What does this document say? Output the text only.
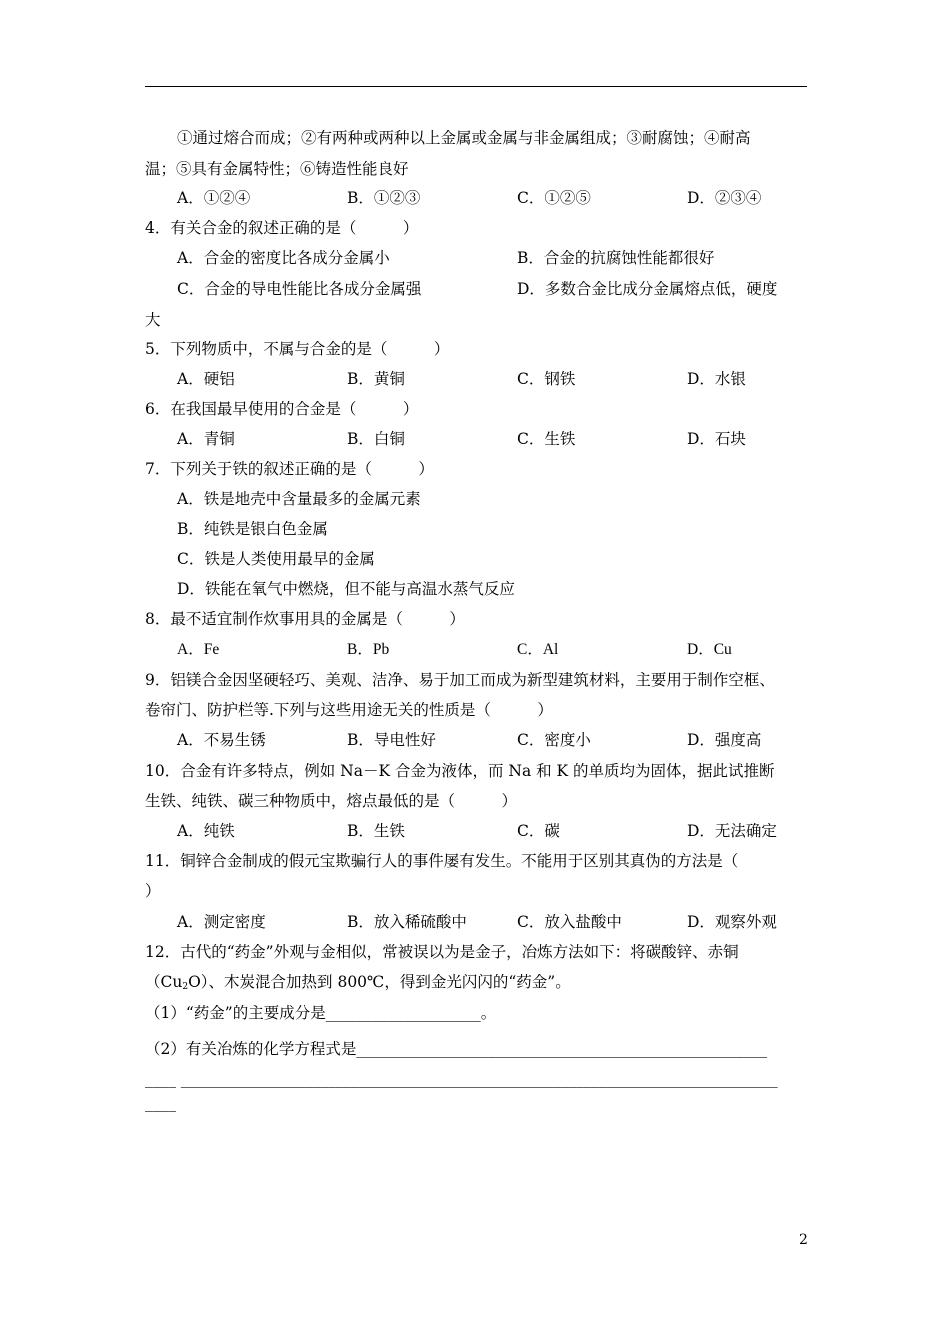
①通过熔合而成；②有两种或两种以上金属或金属与非金属组成；③耐腐蚀；④耐高
温；⑤具有金属特性；⑥铸造性能良好
A．①②④	B．①②③	C．①②⑤	D．②③④
4．有关合金的叙述正确的是（　　　）
A．合金的密度比各成分金属小	B．合金的抗腐蚀性能都很好
C．合金的导电性能比各成分金属强	D．多数合金比成分金属熔点低，硬度
大
5．下列物质中，不属与合金的是（　　　）
A．硬铝	B．黄铜	C．钢铁	D．水银
6．在我国最早使用的合金是（　　　）
A．青铜	B．白铜	C．生铁	D．石块
7．下列关于铁的叙述正确的是（　　　）
A．铁是地壳中含量最多的金属元素
B．纯铁是银白色金属
C．铁是人类使用最早的金属
D．铁能在氧气中燃烧，但不能与高温水蒸气反应
8．最不适宜制作炊事用具的金属是（　　　）
A．Fe	B．Pb	C．Al	D．Cu
9．铝镁合金因坚硬轻巧、美观、洁净、易于加工而成为新型建筑材料，主要用于制作空框、
卷帘门、防护栏等.下列与这些用途无关的性质是（　　　）
A．不易生锈	B．导电性好	C．密度小	D．强度高
10．合金有许多特点，例如 Na－K 合金为液体，而 Na 和 K 的单质均为固体，据此试推断
生铁、纯铁、碳三种物质中，熔点最低的是（　　　）
A．纯铁	B．生铁	C．碳	D．无法确定
11．铜锌合金制成的假元宝欺骗行人的事件屡有发生。不能用于区别其真伪的方法是（
）
A．测定密度	B．放入稀硫酸中	C．放入盐酸中	D．观察外观
12．古代的“药金”外观与金相似，常被误以为是金子，冶炼方法如下：将碳酸锌、赤铜
$(Cu_2O)$、木炭混合加热到 800℃，得到金光闪闪的“药金”。
（1）“药金”的主要成分是____________________。
（2）有关冶炼的化学方程式是_____________________________________________________
____ _____________________________________________________________________________
____
2
